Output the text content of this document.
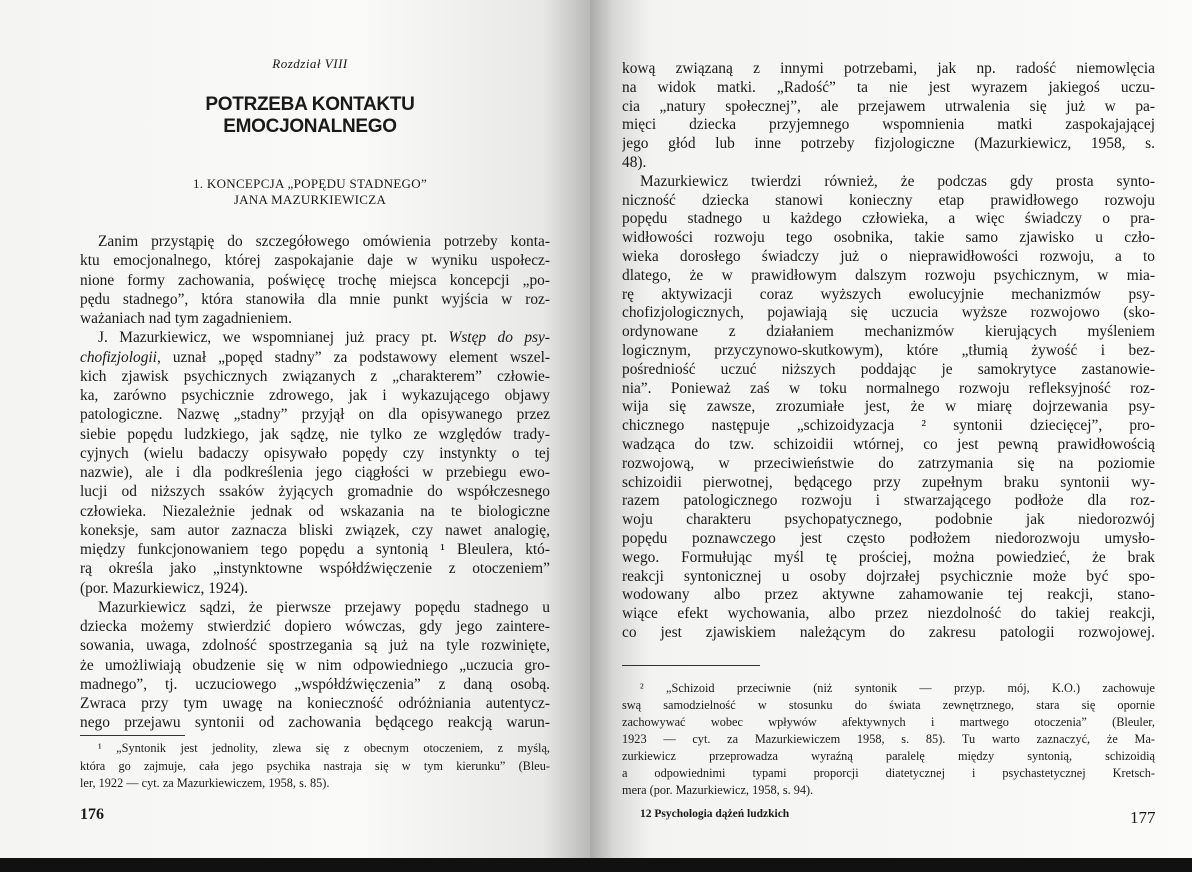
Rozdział VIII
POTRZEBA KONTAKTU EMOCJONALNEGO
1. KONCEPCJA „POPĘDU STADNEGO”
JANA MAZURKIEWICZA
176	177
12 Psychologia dążeń ludzkich
Zanim przystąpię do szczegółowego omówienia potrzeby konta-
ktu emocjonalnego, której zaspokajanie daje w wyniku uspołecz-
nione formy zachowania, poświęcę trochę miejsca koncepcji „po-
pędu stadnego”, która stanowiła dla mnie punkt wyjścia w roz-
ważaniach nad tym zagadnieniem.
J. Mazurkiewicz, we wspomnianej już pracy pt. Wstęp do psy-
chofizjologii, uznał „popęd stadny” za podstawowy element wszel-
kich zjawisk psychicznych związanych z „charakterem” człowie-
ka, zarówno psychicznie zdrowego, jak i wykazującego objawy
patologiczne. Nazwę „stadny” przyjął on dla opisywanego przez
siebie popędu ludzkiego, jak sądzę, nie tylko ze względów trady-
cyjnych (wielu badaczy opisywało popędy czy instynkty o tej
nazwie), ale i dla podkreślenia jego ciągłości w przebiegu ewo-
lucji od niższych ssaków żyjących gromadnie do współczesnego
człowieka. Niezależnie jednak od wskazania na te biologiczne
koneksje, sam autor zaznacza bliski związek, czy nawet analogię,
między funkcjonowaniem tego popędu a syntonią ¹ Bleulera, któ-
rą określa jako „instynktowne współdźwięczenie z otoczeniem”
(por. Mazurkiewicz, 1924).
Mazurkiewicz sądzi, że pierwsze przejawy popędu stadnego u
dziecka możemy stwierdzić dopiero wówczas, gdy jego zaintere-
sowania, uwaga, zdolność spostrzegania są już na tyle rozwinięte,
że umożliwiają obudzenie się w nim odpowiedniego „uczucia gro-
madnego”, tj. uczuciowego „współdźwięczenia” z daną osobą.
Zwraca przy tym uwagę na konieczność odróżniania autentycz-
nego przejawu syntonii od zachowania będącego reakcją warun-
¹ „Syntonik jest jednolity, zlewa się z obecnym otoczeniem, z myślą,
która go zajmuje, cała jego psychika nastraja się w tym kierunku” (Bleu-
ler, 1922 — cyt. za Mazurkiewiczem, 1958, s. 85).
kową związaną z innymi potrzebami, jak np. radość niemowlęcia
na widok matki. „Radość” ta nie jest wyrazem jakiegoś uczu-
cia „natury społecznej”, ale przejawem utrwalenia się już w pa-
mięci dziecka przyjemnego wspomnienia matki zaspokajającej
jego głód lub inne potrzeby fizjologiczne (Mazurkiewicz, 1958, s.
48).
Mazurkiewicz twierdzi również, że podczas gdy prosta synto-
niczność dziecka stanowi konieczny etap prawidłowego rozwoju
popędu stadnego u każdego człowieka, a więc świadczy o pra-
widłowości rozwoju tego osobnika, takie samo zjawisko u czło-
wieka dorosłego świadczy już o nieprawidłowości rozwoju, a to
dlatego, że w prawidłowym dalszym rozwoju psychicznym, w mia-
rę aktywizacji coraz wyższych ewolucyjnie mechanizmów psy-
chofizjologicznych, pojawiają się uczucia wyższe rozwojowo (sko-
ordynowane z działaniem mechanizmów kierujących myśleniem
logicznym, przyczynowo-skutkowym), które „tłumią żywość i bez-
pośredniość uczuć niższych poddając je samokrytyce zastanowie-
nia”. Ponieważ zaś w toku normalnego rozwoju refleksyjność roz-
wija się zawsze, zrozumiałe jest, że w miarę dojrzewania psy-
chicznego następuje „schizoidyzacja ² syntonii dziecięcej”, pro-
wadząca do tzw. schizoidii wtórnej, co jest pewną prawidłowością
rozwojową, w przeciwieństwie do zatrzymania się na poziomie
schizoidii pierwotnej, będącego przy zupełnym braku syntonii wy-
razem patologicznego rozwoju i stwarzającego podłoże dla roz-
woju charakteru psychopatycznego, podobnie jak niedorozwój
popędu poznawczego jest często podłożem niedorozwoju umysło-
wego. Formułując myśl tę prościej, można powiedzieć, że brak
reakcji syntonicznej u osoby dojrzałej psychicznie może być spo-
wodowany albo przez aktywne zahamowanie tej reakcji, stano-
wiące efekt wychowania, albo przez niezdolność do takiej reakcji,
co jest zjawiskiem należącym do zakresu patologii rozwojowej.
² „Schizoid przeciwnie (niż syntonik — przyp. mój, K.O.) zachowuje
swą samodzielność w stosunku do świata zewnętrznego, stara się opornie
zachowywać wobec wpływów afektywnych i martwego otoczenia” (Bleuler,
1923 — cyt. za Mazurkiewiczem 1958, s. 85). Tu warto zaznaczyć, że Ma-
zurkiewicz przeprowadza wyraźną paralelę między syntonią, schizoidią
a odpowiednimi typami proporcji diatetycznej i psychastetycznej Kretsch-
mera (por. Mazurkiewicz, 1958, s. 94).
